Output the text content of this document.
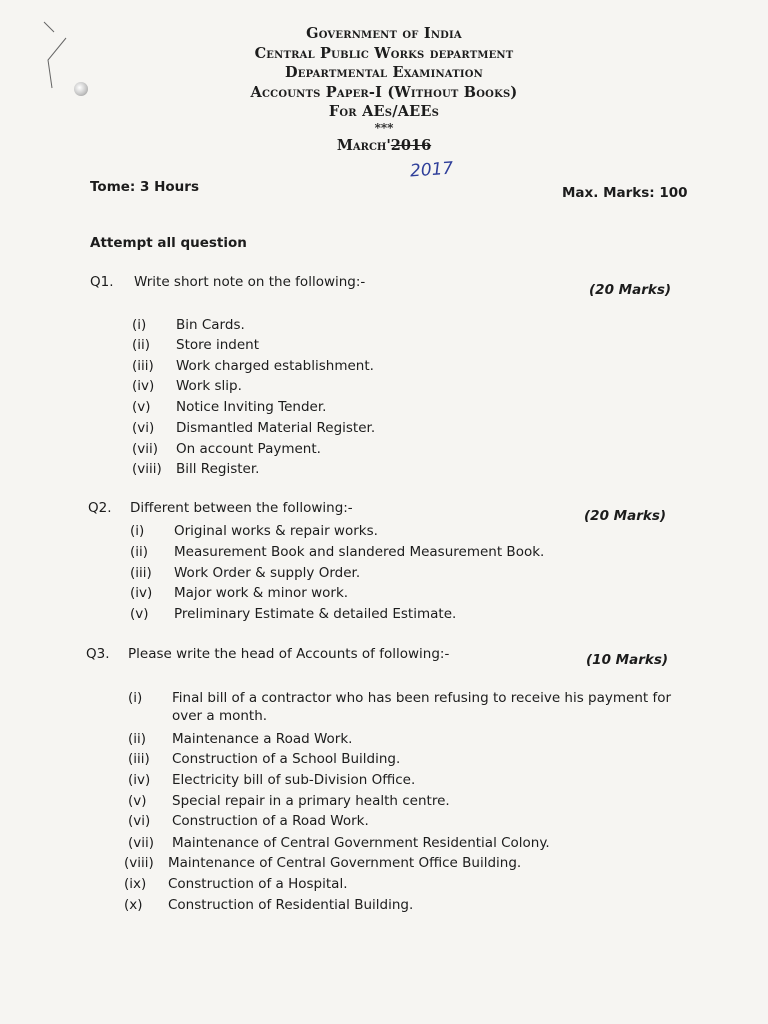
Government of India
Central Public Works department
Departmental Examination
Accounts Paper-I (Without Books)
For AEs/AEEs
***
March'2016
2017
Tome: 3 Hours	Max. Marks: 100
Attempt all question
Q1. Write short note on the following:-	(20 Marks)
(i) Bin Cards.
(ii) Store indent
(iii) Work charged establishment.
(iv) Work slip.
(v) Notice Inviting Tender.
(vi) Dismantled Material Register.
(vii) On account Payment.
(viii) Bill Register.
Q2. Different between the following:-	(20 Marks)
(i) Original works & repair works.
(ii) Measurement Book and slandered Measurement Book.
(iii) Work Order & supply Order.
(iv) Major work & minor work.
(v) Preliminary Estimate & detailed Estimate.
Q3. Please write the head of Accounts of following:-	(10 Marks)
(i) Final bill of a contractor who has been refusing to receive his payment for over a month.
(ii) Maintenance a Road Work.
(iii) Construction of a School Building.
(iv) Electricity bill of sub-Division Office.
(v) Special repair in a primary health centre.
(vi) Construction of a Road Work.
(vii) Maintenance of Central Government Residential Colony.
(viii) Maintenance of Central Government Office Building.
(ix) Construction of a Hospital.
(x) Construction of Residential Building.
